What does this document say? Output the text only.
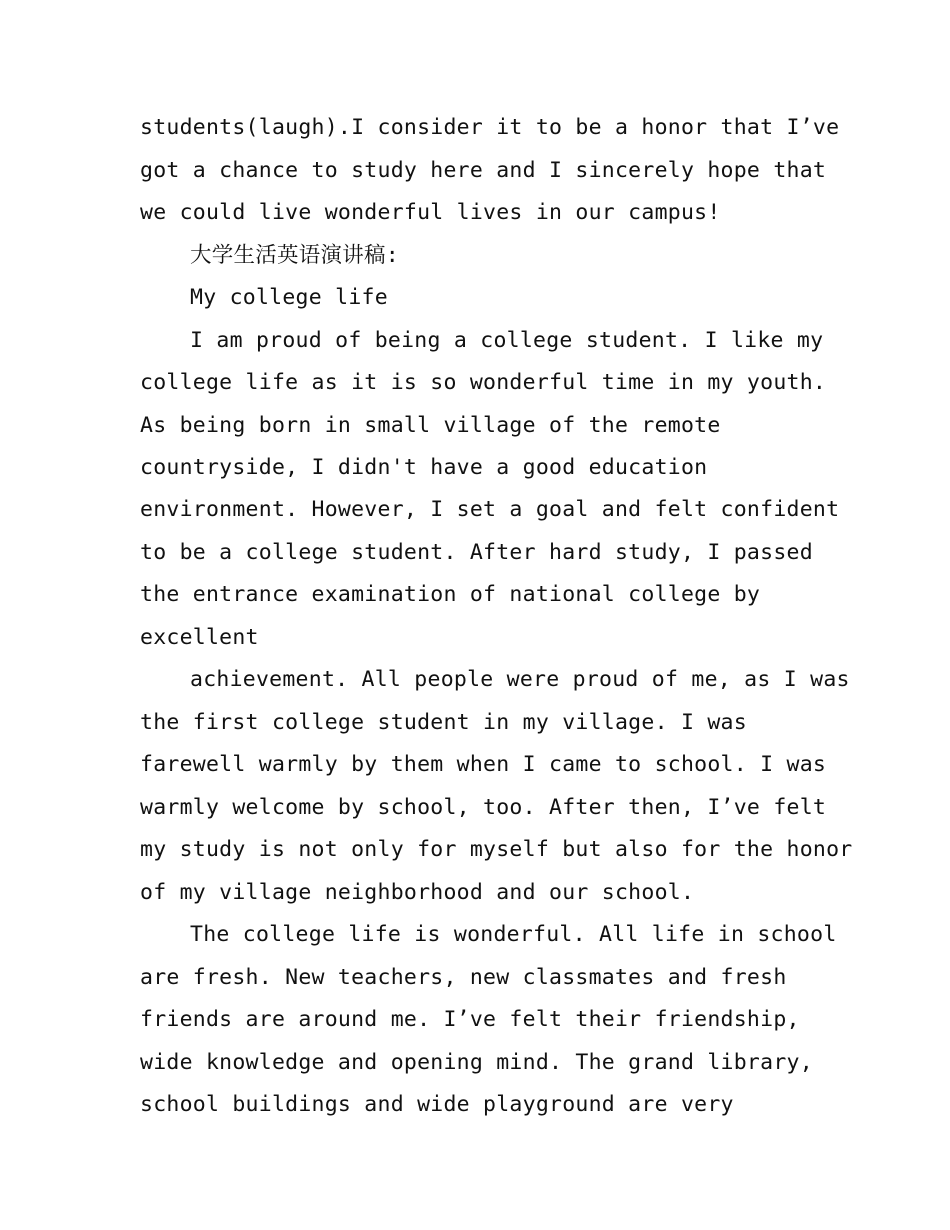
students(laugh).I consider it to be a honor that I’ve
got a chance to study here and I sincerely hope that
we could live wonderful lives in our campus!
大学生活英语演讲稿:
My college life
I am proud of being a college student. I like my
college life as it is so wonderful time in my youth.
As being born in small village of the remote
countryside, I didn't have a good education
environment. However, I set a goal and felt confident
to be a college student. After hard study, I passed
the entrance examination of national college by
excellent
achievement. All people were proud of me, as I was
the first college student in my village. I was
farewell warmly by them when I came to school. I was
warmly welcome by school, too. After then, I’ve felt
my study is not only for myself but also for the honor
of my village neighborhood and our school.
The college life is wonderful. All life in school
are fresh. New teachers, new classmates and fresh
friends are around me. I’ve felt their friendship,
wide knowledge and opening mind. The grand library,
school buildings and wide playground are very
